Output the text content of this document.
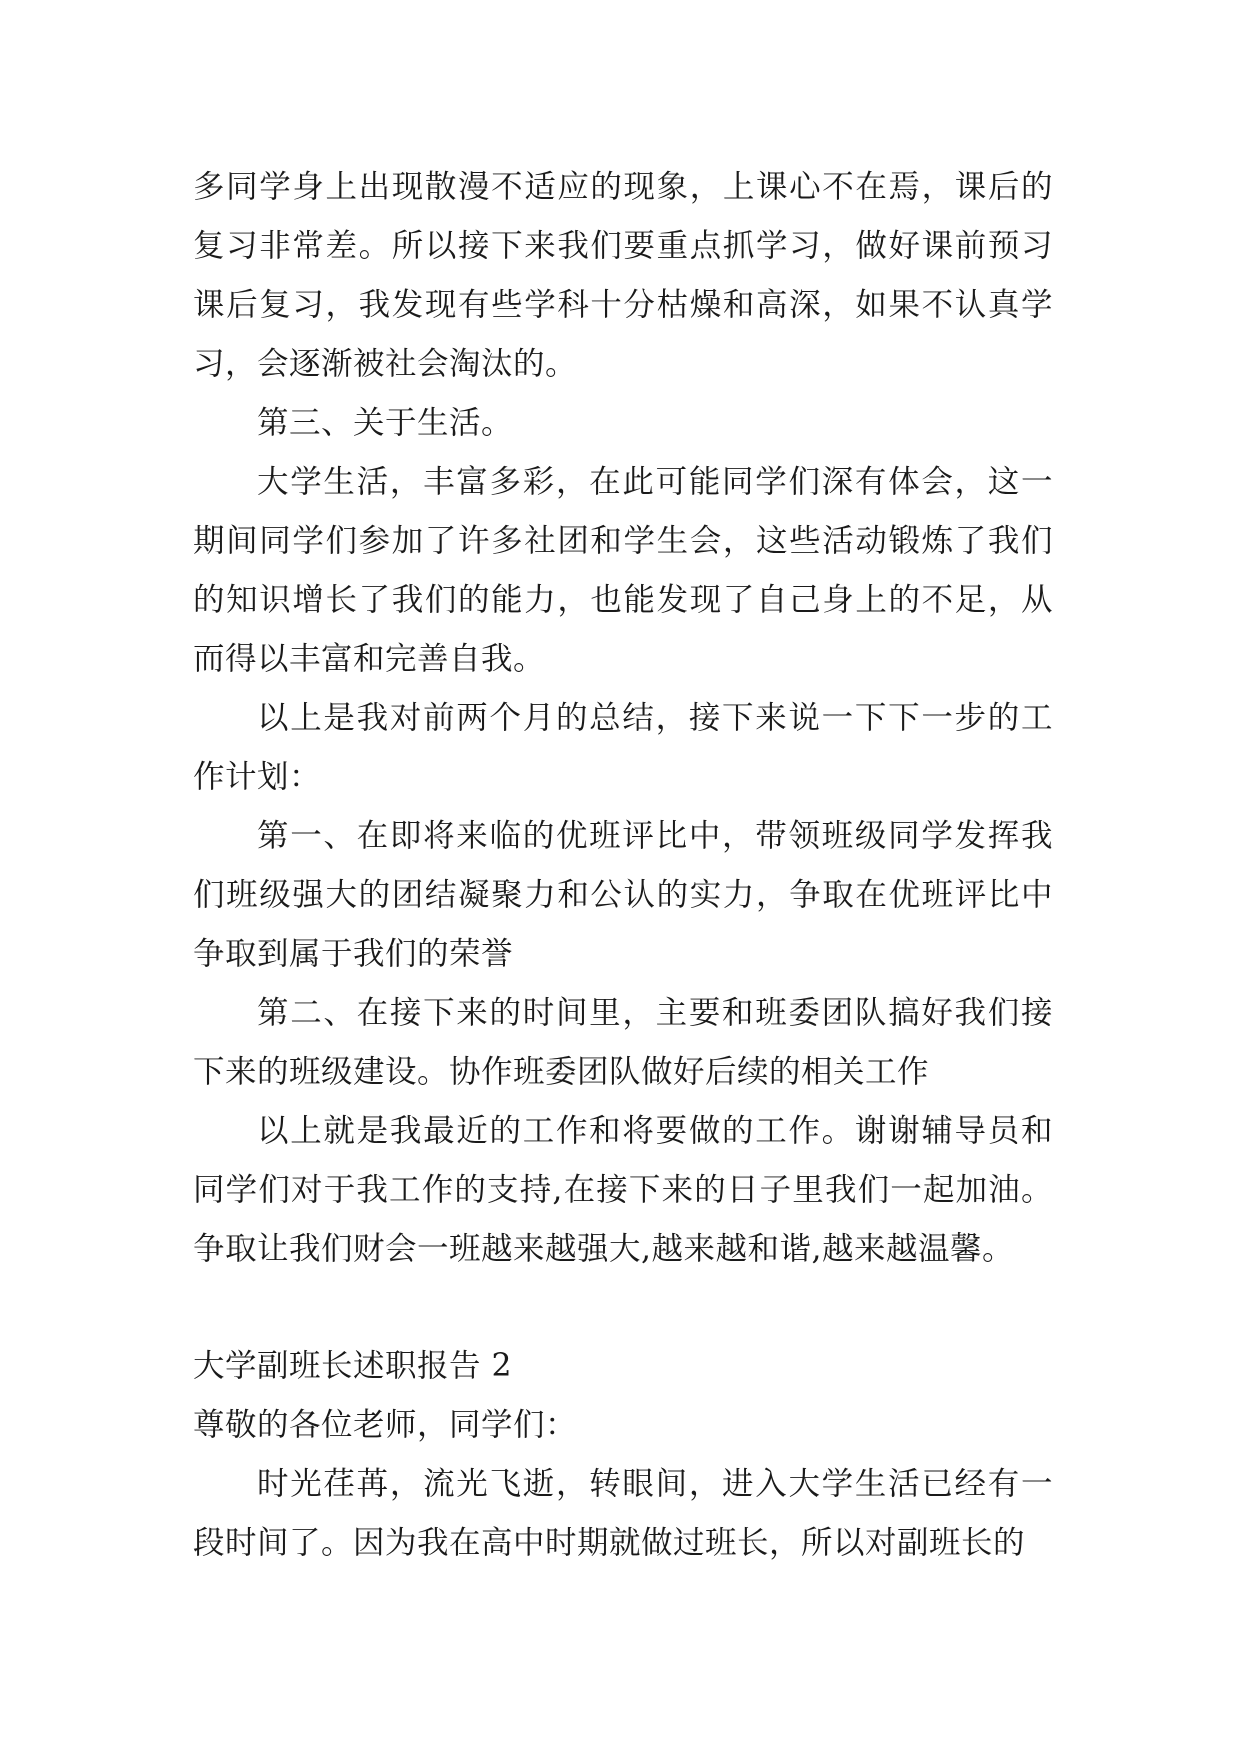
多同学身上出现散漫不适应的现象，上课心不在焉，课后的复习非常差。所以接下来我们要重点抓学习，做好课前预习课后复习，我发现有些学科十分枯燥和高深，如果不认真学习，会逐渐被社会淘汰的。

第三、关于生活。

大学生活，丰富多彩，在此可能同学们深有体会，这一期间同学们参加了许多社团和学生会，这些活动锻炼了我们的知识增长了我们的能力，也能发现了自己身上的不足，从而得以丰富和完善自我。

以上是我对前两个月的总结，接下来说一下下一步的工作计划：

第一、在即将来临的优班评比中，带领班级同学发挥我们班级强大的团结凝聚力和公认的实力，争取在优班评比中争取到属于我们的荣誉

第二、在接下来的时间里，主要和班委团队搞好我们接下来的班级建设。协作班委团队做好后续的相关工作

以上就是我最近的工作和将要做的工作。谢谢辅导员和同学们对于我工作的支持,在接下来的日子里我们一起加油。争取让我们财会一班越来越强大,越来越和谐,越来越温馨。

大学副班长述职报告 2

尊敬的各位老师，同学们：

时光荏苒，流光飞逝，转眼间，进入大学生活已经有一段时间了。因为我在高中时期就做过班长，所以对副班长的
